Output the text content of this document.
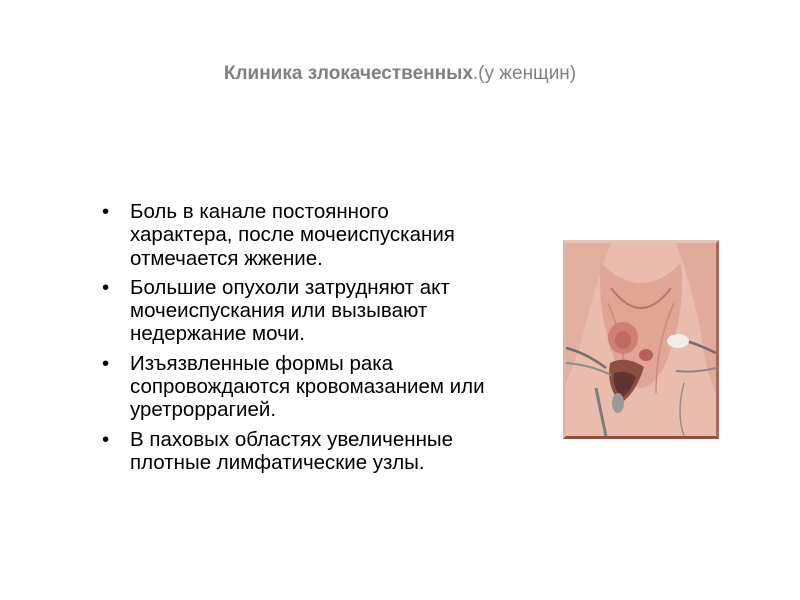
Клиника злокачественных.(у женщин)
• Боль в канале постоянного
характера, после мочеиспускания
отмечается жжение.
• Большие опухоли затрудняют акт
мочеиспускания или вызывают
недержание мочи.
• Изъязвленные формы рака
сопровождаются кровомазанием или
уретроррагией.
• В паховых областях увеличенные
плотные лимфатические узлы.
